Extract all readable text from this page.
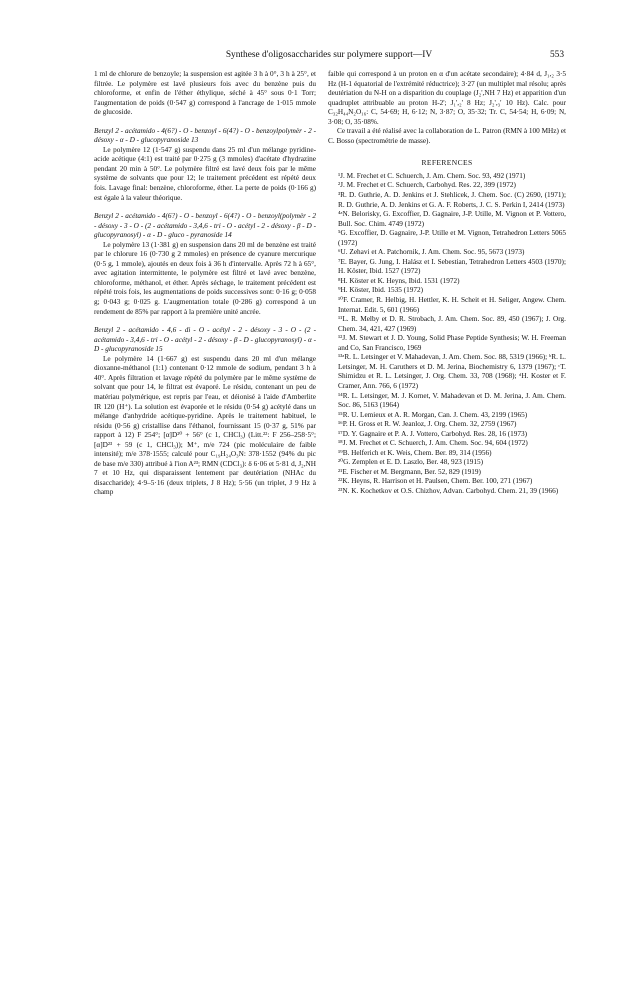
Synthese d'oligosaccharides sur polymere support—IV	553

1 ml de chlorure de benzoyle; la suspension est agitée 3 h à 0°, 3 h à 25°, et filtrée. Le polymère est lavé plusieurs fois avec du benzène puis du chloroforme, et enfin de l'éther éthylique, séché à 45° sous 0·1 Torr; l'augmentation de poids (0·547 g) correspond à l'ancrage de 1·015 mmole de glucoside.

Benzyl 2 - acétamido - 4(6?) - O - benzoyl - 6(4?) - O - benzoylpolymèr - 2 - désoxy - α - D - glucopyranoside 13

Le polymère 12 (1·547 g) suspendu dans 25 ml d'un mélange pyridine-acide acétique (4:1) est traité par 0·275 g (3 mmoles) d'acétate d'hydrazine pendant 20 min à 50°. Le polymère filtré est lavé deux fois par le même système de solvants que pour 12; le traitement précédent est répété deux fois. Lavage final: benzène, chloroforme, éther. La perte de poids (0·166 g) est égale à la valeur théorique.

Benzyl 2 - acétamido - 4(6?) - O - benzoyl - 6(4?) - O - benzoyl(polymèr - 2 - désoxy - 3 - O - (2 - acétamido - 3,4,6 - tri - O - acétyl - 2 - désoxy - β - D - glucopyranosyl) - α - D - gluco - pyranoside 14

Le polymère 13 (1·381 g) en suspension dans 20 ml de benzène est traité par le chlorure 16 (0·730 g 2 mmoles) en présence de cyanure mercurique (0·5 g, 1 mmole), ajoutés en deux fois à 36 h d'intervalle. Après 72 h à 65°, avec agitation intermittente, le polymère est filtré et lavé avec benzène, chloroforme, méthanol, et éther. Après séchage, le traitement précédent est répété trois fois, les augmentations de poids successives sont: 0·16 g; 0·058 g; 0·043 g; 0·025 g. L'augmentation totale (0·286 g) correspond à un rendement de 85% par rapport à la première unité ancrée.

Benzyl 2 - acétamido - 4,6 - di - O - acétyl - 2 - désoxy - 3 - O - (2 - acétamido - 3,4,6 - tri - O - acétyl - 2 - désoxy - β - D - glucopyranosyl) - α - D - glucopyranoside 15

Le polymère 14 (1·667 g) est suspendu dans 20 ml d'un mélange dioxanne-méthanol (1:1) contenant 0·12 mmole de sodium, pendant 3 h à 40°. Après filtration et lavage répété du polymère par le même système de solvant que pour 14, le filtrat est évaporé. Le résidu, contenant un peu de matériau polymérique, est repris par l'eau, et déionisé à l'aide d'Amberlite IR 120 (H⁺). La solution est évaporée et le résidu (0·54 g) acétylé dans un mélange d'anhydride acétique-pyridine. Après le traitement habituel, le résidu (0·56 g) cristallise dans l'éthanol, fournissant 15 (0·37 g, 51% par rapport à 12) F 254°; [α]D²⁰ + 56° (c 1, CHCl₃) (Litt.²²: F 256–258·5°; [α]D²³ + 59 (c 1, CHCl₃)); M⁺, m/e 724 (pic moléculaire de faible intensité); m/e 378·1555; calculé pour C₁₉H₂₄O₃N: 378·1552 (94% du pic de base m/e 330) attribué à l'ion A²³; RMN (CDCl₃): δ 6·06 et 5·81 d, J₂,NH 7 et 10 Hz, qui disparaissent lentement par deutériation (NHAc du disaccharide); 4·9–5·16 (deux triplets, J 8 Hz); 5·56 (un triplet, J 9 Hz à champ

faible qui correspond à un proton en α d'un acétate secondaire); 4·84 d, J₁,₂ 3·5 Hz (H-1 équatorial de l'extrémité réductrice); 3·27 (un multiplet mal résolu; après deutériation du N-H on a disparition du couplage (J₂',NH 7 Hz) et apparition d'un quadruplet attribuable au proton H-2'; J₁',₂' 8 Hz; J₂',₃' 10 Hz). Calc. pour C₃₂H₄₄N₂O₁₆: C, 54·69; H, 6·12; N, 3·87; O, 35·32; Tr. C, 54·54; H, 6·09; N, 3·08; O, 35·08%.

Ce travail a été réalisé avec la collaboration de L. Patron (RMN à 100 MHz) et C. Bosso (spectrométrie de masse).

REFERENCES

¹J. M. Frechet et C. Schuerch, J. Am. Chem. Soc. 93, 492 (1971)

²J. M. Frechet et C. Schuerch, Carbohyd. Res. 22, 399 (1972)

³R. D. Guthrie, A. D. Jenkins et J. Stehlicek, J. Chem. Soc. (C) 2690, (1971); R. D. Guthrie, A. D. Jenkins et G. A. F. Roberts, J. C. S. Perkin I, 2414 (1973)

⁴ᵃN. Belorisky, G. Excoffier, D. Gagnaire, J-P. Utille, M. Vignon et P. Vottero, Bull. Soc. Chim. 4749 (1972)

⁵G. Excoffier, D. Gagnaire, J-P. Utille et M. Vignon, Tetrahedron Letters 5065 (1972)

⁶U. Zehavi et A. Patchornik, J. Am. Chem. Soc. 95, 5673 (1973)

⁷E. Bayer, G. Jung, I. Halász et I. Sebestian, Tetrahedron Letters 4503 (1970); H. Köster, Ibid. 1527 (1972)

⁸H. Köster et K. Heyns, Ibid. 1531 (1972)

⁹H. Köster, Ibid. 1535 (1972)

¹⁰F. Cramer, R. Helbig, H. Hettler, K. H. Scheit et H. Seliger, Angew. Chem. Internat. Edit. 5, 601 (1966)

¹¹L. R. Melby et D. R. Strobach, J. Am. Chem. Soc. 89, 450 (1967); J. Org. Chem. 34, 421, 427 (1969)

¹²J. M. Stewart et J. D. Young, Solid Phase Peptide Synthesis; W. H. Freeman and Co, San Francisco, 1969

¹³ᵃR. L. Letsinger et V. Mahadevan, J. Am. Chem. Soc. 88, 5319 (1966); ᵇR. L. Letsinger, M. H. Caruthers et D. M. Jerina, Biochemistry 6, 1379 (1967); ᶜT. Shimidzu et R. L. Letsinger, J. Org. Chem. 33, 708 (1968); ᵈH. Koster et F. Cramer, Ann. 766, 6 (1972)

¹⁴R. L. Letsinger, M. J. Kornet, V. Mahadevan et D. M. Jerina, J. Am. Chem. Soc. 86, 5163 (1964)

¹⁵R. U. Lemieux et A. R. Morgan, Can. J. Chem. 43, 2199 (1965)

¹⁶P. H. Gross et R. W. Jeanloz, J. Org. Chem. 32, 2759 (1967)

¹⁷D. Y. Gagnaire et P. A. J. Vottero, Carbohyd. Res. 28, 16 (1973)

¹⁸J. M. Frechet et C. Schuerch, J. Am. Chem. Soc. 94, 604 (1972)

¹⁹B. Helferich et K. Weis, Chem. Ber. 89, 314 (1956)

²⁰G. Zemplen et E. D. Laszlo, Ber. 48, 923 (1915)

²¹E. Fischer et M. Bergmann, Ber. 52, 829 (1919)

²²K. Heyns, R. Harrison et H. Paulsen, Chem. Ber. 100, 271 (1967)

²³N. K. Kochetkov et O.S. Chizhov, Advan. Carbohyd. Chem. 21, 39 (1966)
